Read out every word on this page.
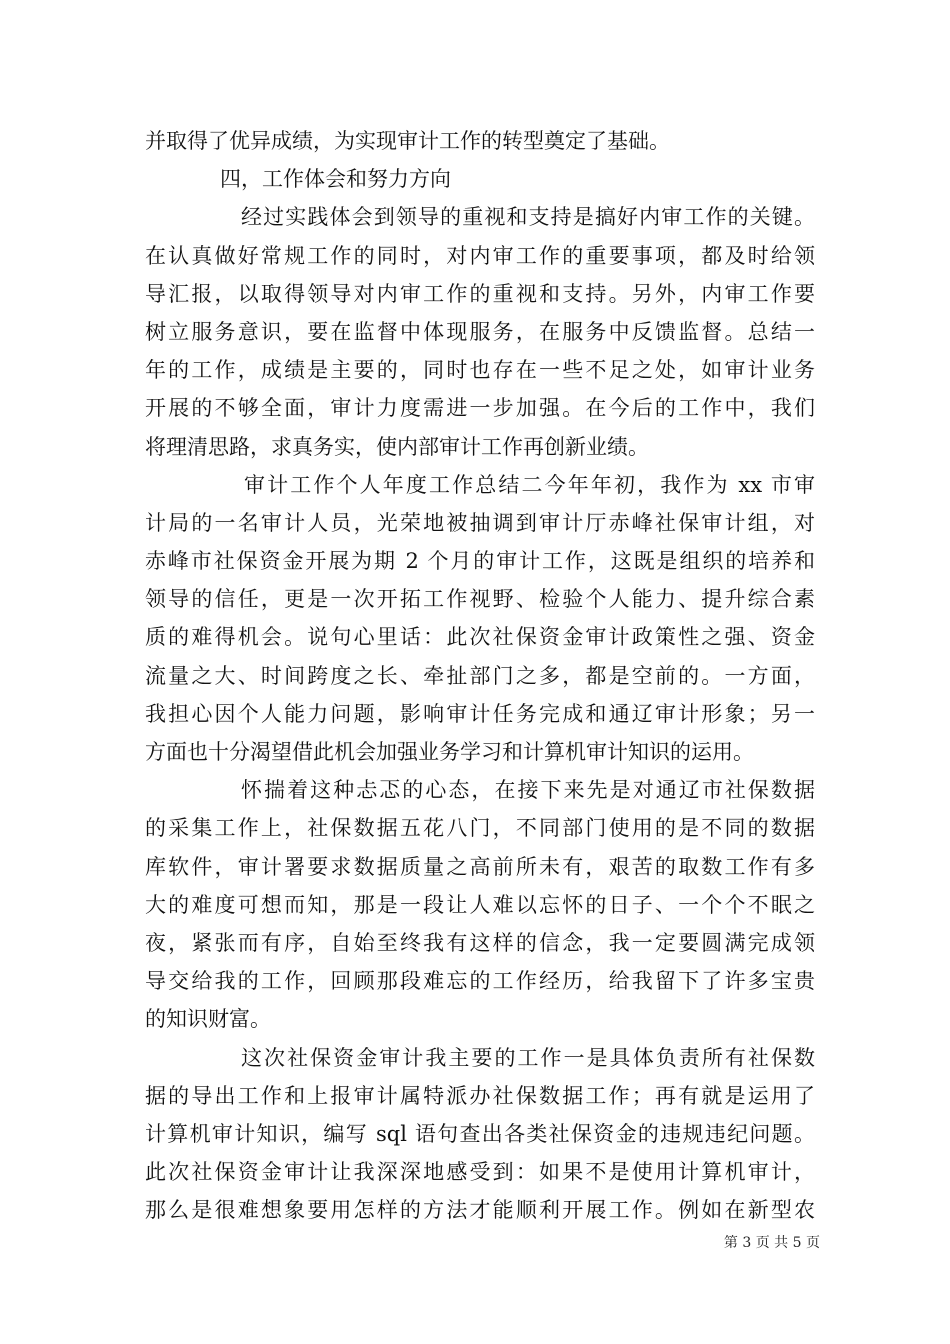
并取得了优异成绩，为实现审计工作的转型奠定了基础。
四，工作体会和努力方向
经过实践体会到领导的重视和支持是搞好内审工作的关键。
在认真做好常规工作的同时，对内审工作的重要事项，都及时给领
导汇报，以取得领导对内审工作的重视和支持。另外，内审工作要
树立服务意识，要在监督中体现服务，在服务中反馈监督。总结一
年的工作，成绩是主要的，同时也存在一些不足之处，如审计业务
开展的不够全面，审计力度需进一步加强。在今后的工作中，我们
将理清思路，求真务实，使内部审计工作再创新业绩。
审计工作个人年度工作总结二今年年初，我作为 xx 市审
计局的一名审计人员，光荣地被抽调到审计厅赤峰社保审计组，对
赤峰市社保资金开展为期 2 个月的审计工作，这既是组织的培养和
领导的信任，更是一次开拓工作视野、检验个人能力、提升综合素
质的难得机会。说句心里话：此次社保资金审计政策性之强、资金
流量之大、时间跨度之长、牵扯部门之多，都是空前的。一方面，
我担心因个人能力问题，影响审计任务完成和通辽审计形象；另一
方面也十分渴望借此机会加强业务学习和计算机审计知识的运用。
怀揣着这种忐忑的心态，在接下来先是对通辽市社保数据
的采集工作上，社保数据五花八门，不同部门使用的是不同的数据
库软件，审计署要求数据质量之高前所未有，艰苦的取数工作有多
大的难度可想而知，那是一段让人难以忘怀的日子、一个个不眠之
夜，紧张而有序，自始至终我有这样的信念，我一定要圆满完成领
导交给我的工作，回顾那段难忘的工作经历，给我留下了许多宝贵
的知识财富。
这次社保资金审计我主要的工作一是具体负责所有社保数
据的导出工作和上报审计属特派办社保数据工作；再有就是运用了
计算机审计知识，编写 sql 语句查出各类社保资金的违规违纪问题。
此次社保资金审计让我深深地感受到：如果不是使用计算机审计，
那么是很难想象要用怎样的方法才能顺利开展工作。例如在新型农
第 3 页 共 5 页
